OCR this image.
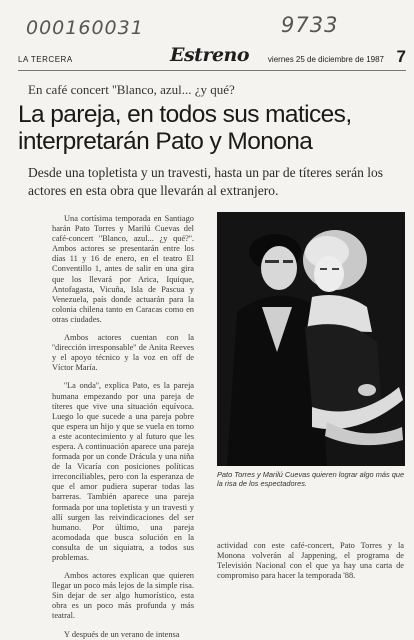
000160031	9733
LA TERCERA	Estreno viernes 25 de diciembre de 1987 7
En café concert ''Blanco, azul... ¿y qué?
La pareja, en todos sus matices, interpretarán Pato y Monona
Desde una topletista y un travesti, hasta un par de títeres serán los actores en esta obra que llevarán al extranjero.

Una cortísima temporada en Santiago harán Pato Torres y Marilú Cuevas del café-concert ''Blanco, azul... ¿y qué?''. Ambos actores se presentarán entre los días 11 y 16 de enero, en el teatro El Conventillo 1, antes de salir en una gira que los llevará por Arica, Iquique, Antofagasta, Vicuña, Isla de Pascua y Venezuela, país donde actuarán para la colonia chilena tanto en Caracas como en otras ciudades.

Ambos actores cuentan con la ''dirección irresponsable'' de Anita Reeves y el apoyo técnico y la voz en off de Víctor María.

''La onda'', explica Pato, es la pareja humana empezando por una pareja de títeres que vive una situación equívoca. Luego lo que sucede a una pareja pobre que espera un hijo y que se vuela en torno a este acontecimiento y al futuro que les espera. A continuación aparece una pareja formada por un conde Drácula y una niña de la Vicaría con posiciones políticas irreconciliables, pero con la esperanza de que el amor pudiera superar todas las barreras. También aparece una pareja formada por una topletista y un travesti y allí surgen las reivindicaciones del ser humano. Por último, una pareja acomodada que busca solución en la consulta de un siquiatra, a todos sus problemas.

Ambos actores explican que quieren llegar un poco más lejos de la simple risa. Sin dejar de ser algo humorístico, esta obra es un poco más profunda y más teatral.

Y después de un verano de intensa

Pato Torres y Marilú Cuevas quieren lograr algo más que la risa de los espectadores.

actividad con este café-concert, Pato Torres y la Monona volverán al Jappening, el programa de Televisión Nacional con el que ya hay una carta de compromiso para hacer la temporada '88.
